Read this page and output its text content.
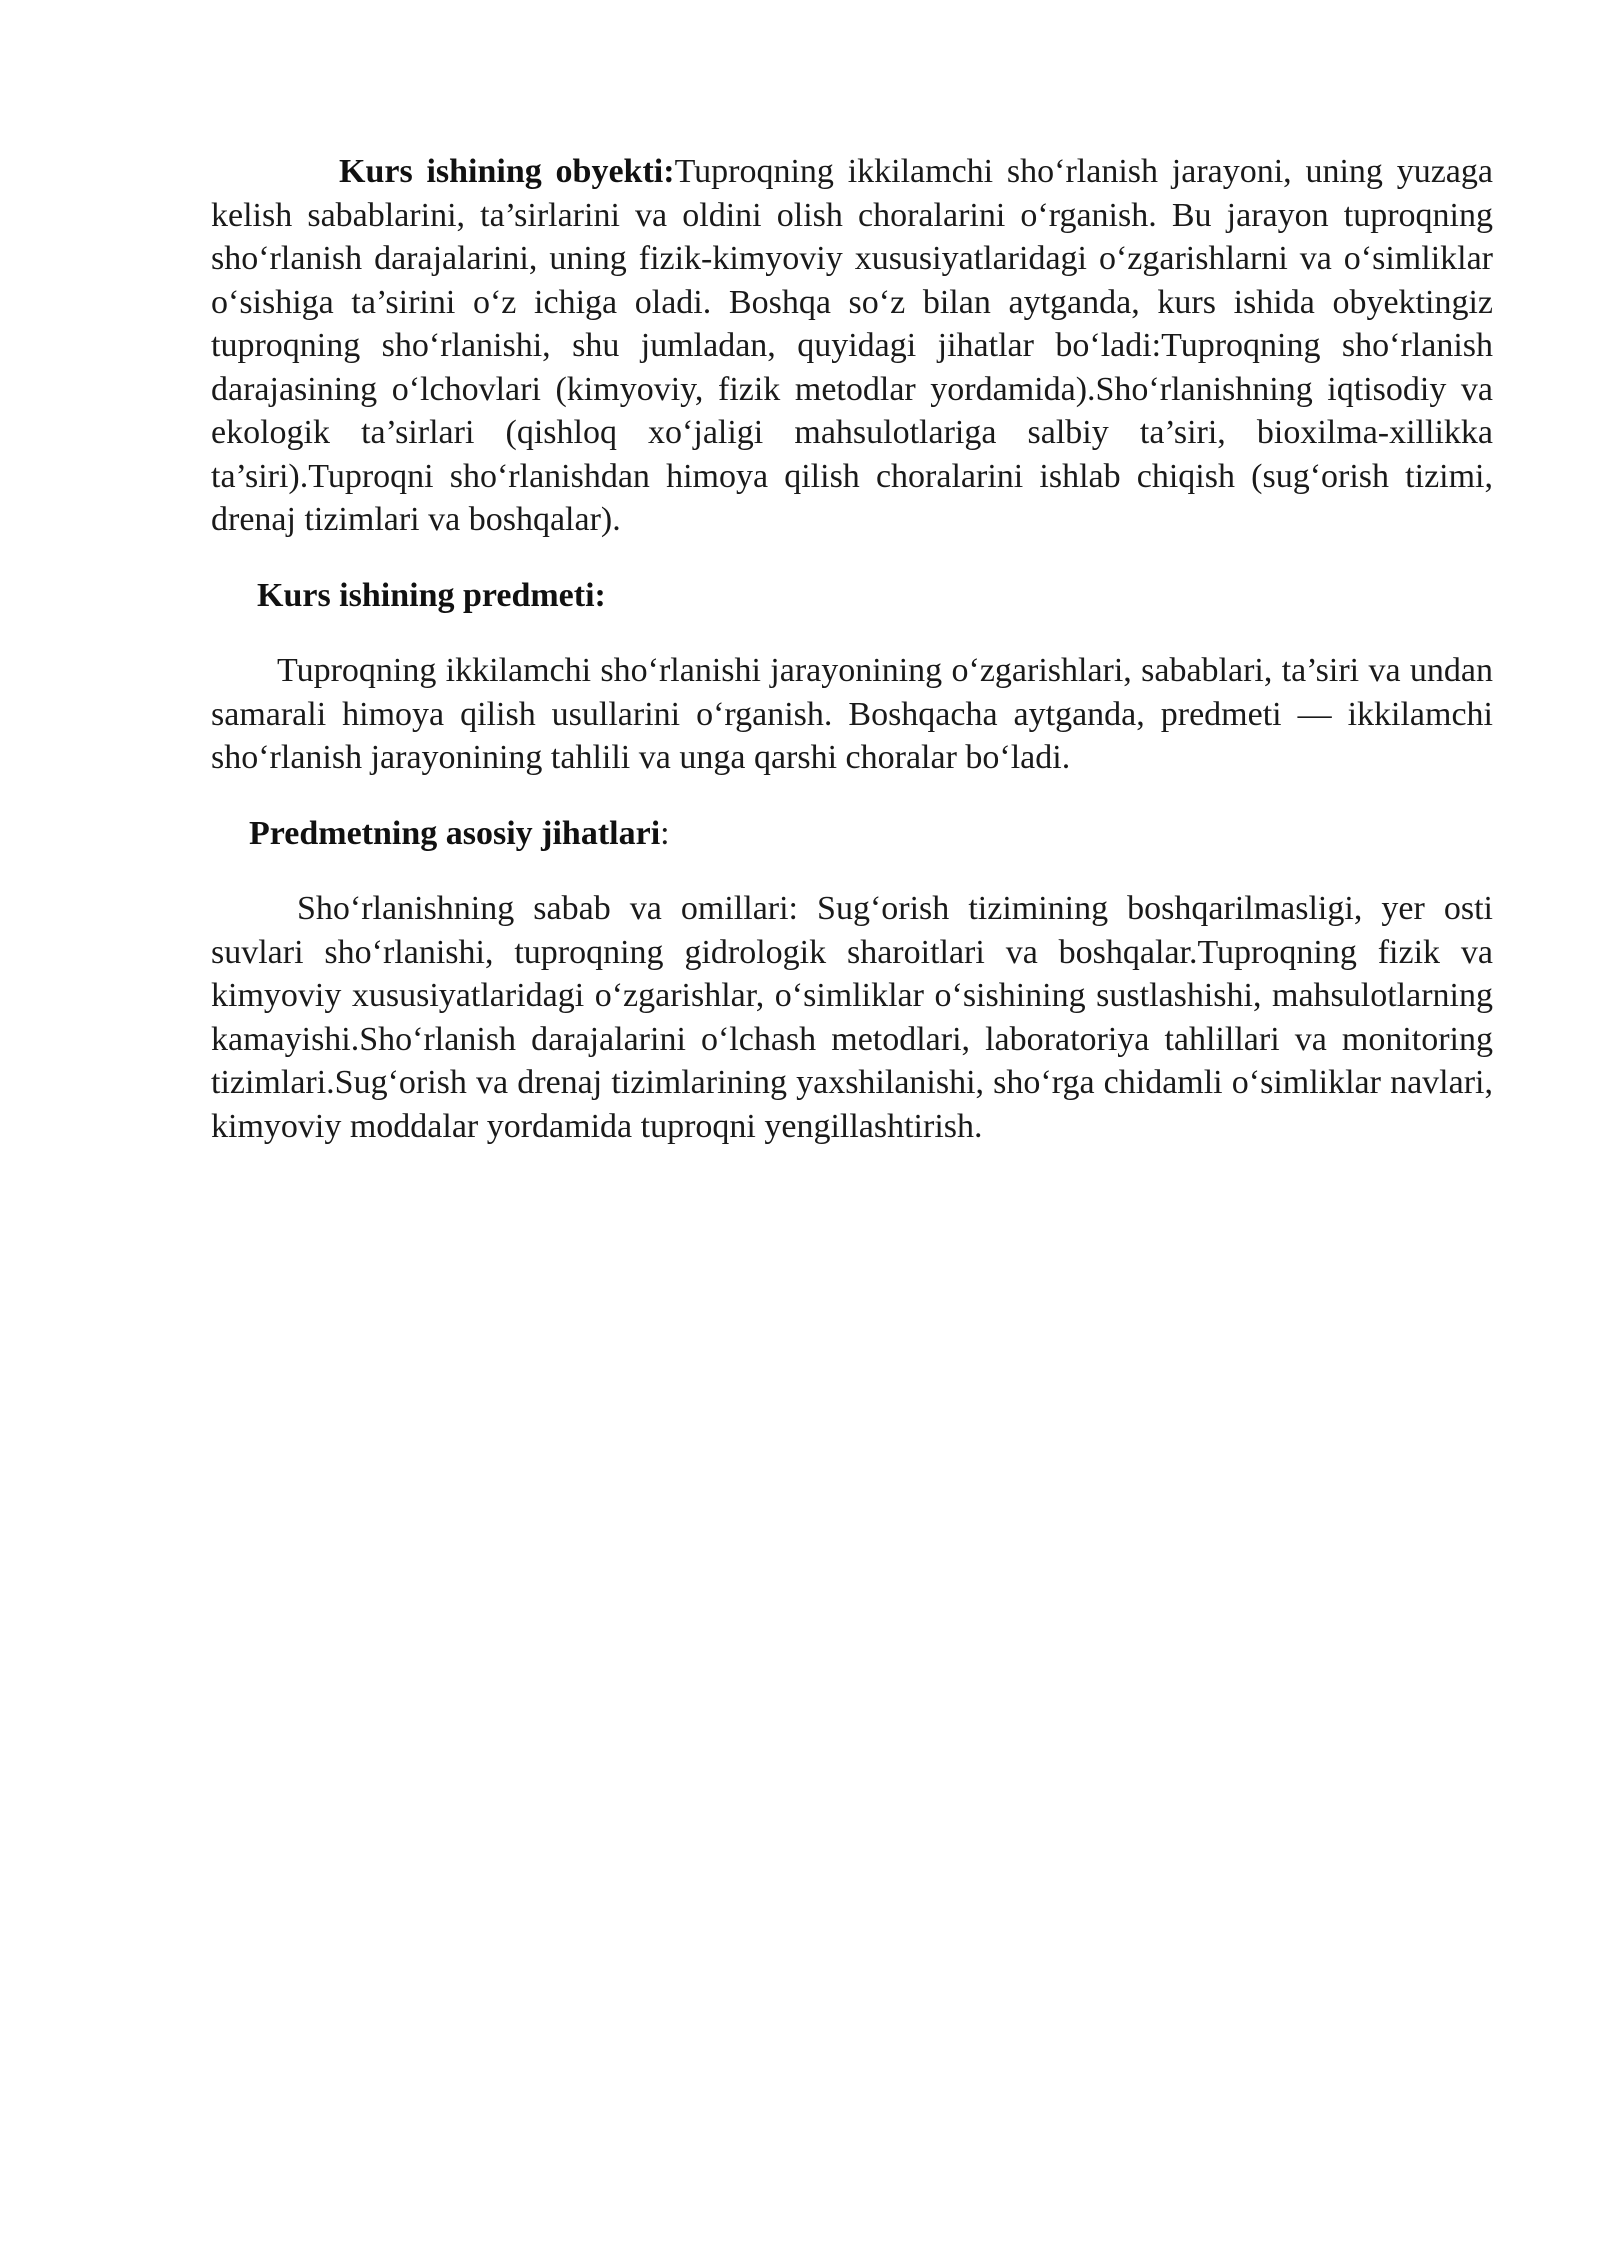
Kurs ishining obyekti:Tuproqning ikkilamchi sho‘rlanish jarayoni, uning yuzaga kelish sabablarini, ta’sirlarini va oldini olish choralarini o‘rganish. Bu jarayon tuproqning sho‘rlanish darajalarini, uning fizik-kimyoviy xususiyatlaridagi o‘zgarishlarni va o‘simliklar o‘sishiga ta’sirini o‘z ichiga oladi. Boshqa so‘z bilan aytganda, kurs ishida obyektingiz tuproqning sho‘rlanishi, shu jumladan, quyidagi jihatlar bo‘ladi:Tuproqning sho‘rlanish darajasining o‘lchovlari (kimyoviy, fizik metodlar yordamida).Sho‘rlanishning iqtisodiy va ekologik ta’sirlari (qishloq xo‘jaligi mahsulotlariga salbiy ta’siri, bioxilma-xillikka ta’siri).Tuproqni sho‘rlanishdan himoya qilish choralarini ishlab chiqish (sug‘orish tizimi, drenaj tizimlari va boshqalar).

Kurs ishining predmeti:

Tuproqning ikkilamchi sho‘rlanishi jarayonining o‘zgarishlari, sabablari, ta’siri va undan samarali himoya qilish usullarini o‘rganish. Boshqacha aytganda, predmeti — ikkilamchi sho‘rlanish jarayonining tahlili va unga qarshi choralar bo‘ladi.

Predmetning asosiy jihatlari:

Sho‘rlanishning sabab va omillari: Sug‘orish tizimining boshqarilmasligi, yer osti suvlari sho‘rlanishi, tuproqning gidrologik sharoitlari va boshqalar.Tuproqning fizik va kimyoviy xususiyatlaridagi o‘zgarishlar, o‘simliklar o‘sishining sustlashishi, mahsulotlarning kamayishi.Sho‘rlanish darajalarini o‘lchash metodlari, laboratoriya tahlillari va monitoring tizimlari.Sug‘orish va drenaj tizimlarining yaxshilanishi, sho‘rga chidamli o‘simliklar navlari, kimyoviy moddalar yordamida tuproqni yengillashtirish.
